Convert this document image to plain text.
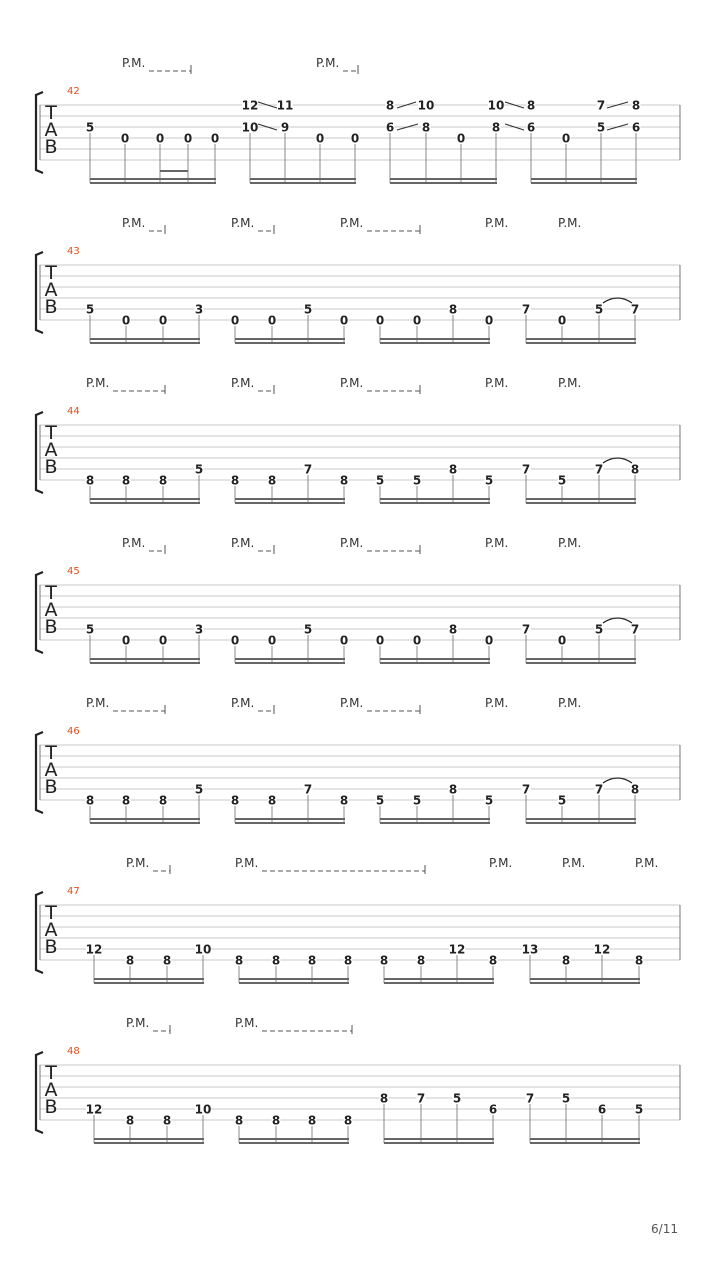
T
A
B
42
P.M.	P.M.
5
0 0 0 0
12 11
10 9
0 0
8 10
6 8
0
10 8
8 6
0
7 8
5 6
T
A
B
43
P.M.	P.M.	P.M.	P.M.	P.M.
5
0 0
3
0 0
5
0 0 0
8
0
7
0
5 7
T
A
B
44
P.M.	P.M.	P.M.	P.M.	P.M.
8 8 8
5
8 8
7
8 5 5
8
5
7
5
7 8
T
A
B
45
P.M.	P.M.	P.M.	P.M.	P.M.
5
0 0
3
0 0
5
0 0 0
8
0
7
0
5 7
T
A
B
46
P.M.	P.M.	P.M.	P.M.	P.M.
8 8 8
5
8 8
7
8 5 5
8
5
7
5
7 8
T
A
B
47
P.M.	P.M.	P.M.	P.M.	P.M.
12
8 8
10
8 8 8 8 8 8
12
8
13
8
12
8
T
A
B
48
P.M.	P.M.
12
8 8
10
8 8 8 8
8 7 5
6
7 5
6 5
6/11
